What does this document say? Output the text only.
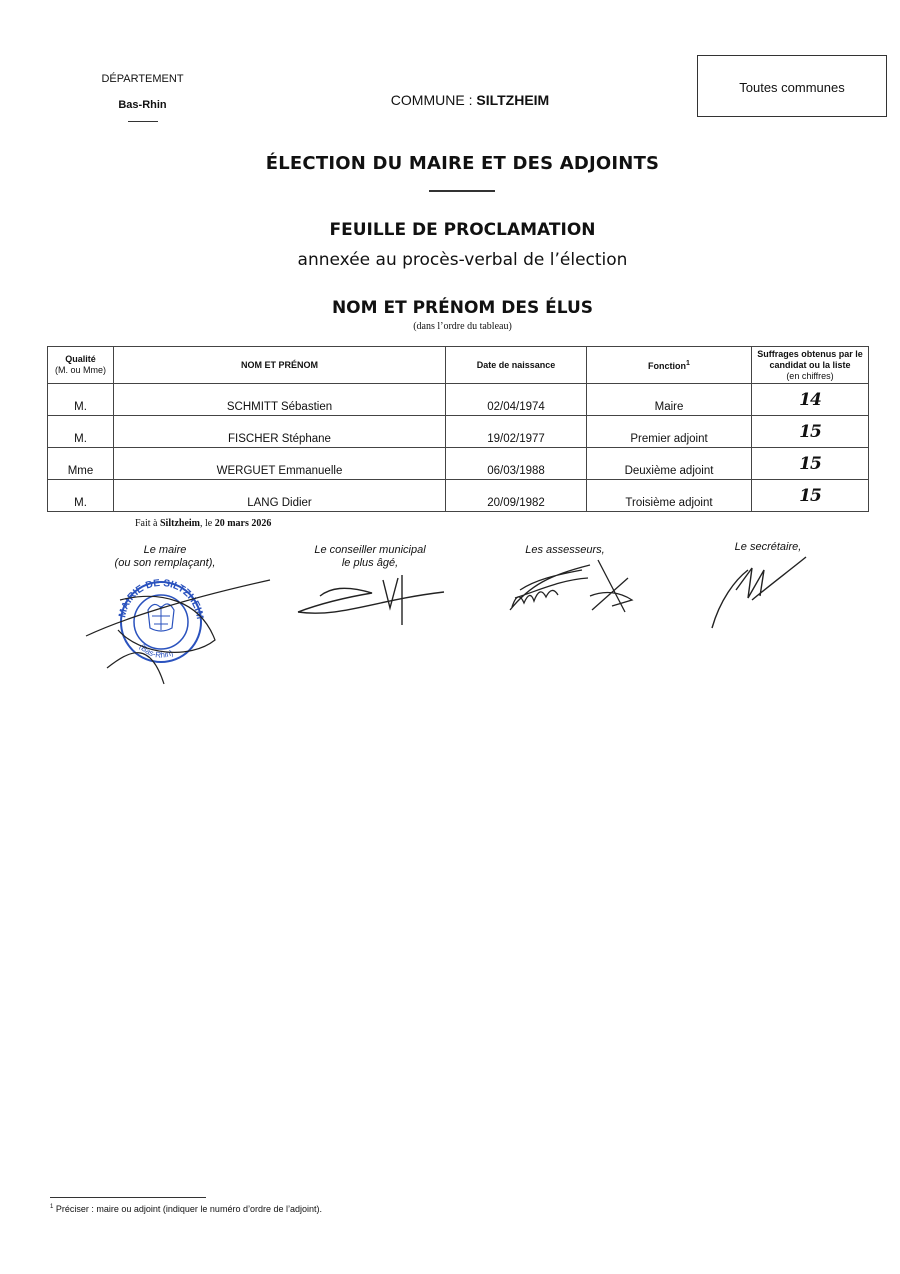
DÉPARTEMENT
Bas-Rhin	COMMUNE : SILTZHEIM
Toutes communes
ÉLECTION DU MAIRE ET DES ADJOINTS
FEUILLE DE PROCLAMATION
annexée au procès-verbal de l’élection
NOM ET PRÉNOM DES ÉLUS
(dans l’ordre du tableau)
Qualité
(M. ou Mme)	NOM ET PRÉNOM	Date de naissance	Fonction$^1$	Suffrages obtenus par le candidat ou la liste
(en chiffres)

M.	SCHMITT Sébastien	02/04/1974	Maire	14
M.	FISCHER Stéphane	19/02/1977	Premier adjoint	15
Mme	WERGUET Emmanuelle	06/03/1988	Deuxième adjoint	15
M.	LANG Didier	20/09/1982	Troisième adjoint	15
Fait à Siltzheim, le 20 mars 2026
Le maire
(ou son remplaçant),
Le conseiller municipal
le plus âgé,
Les assesseurs,	Le secrétaire,
MAIRIE DE SILTZHEIM
(Bas-Rhin)
$^1$ Préciser : maire ou adjoint (indiquer le numéro d’ordre de l’adjoint).
